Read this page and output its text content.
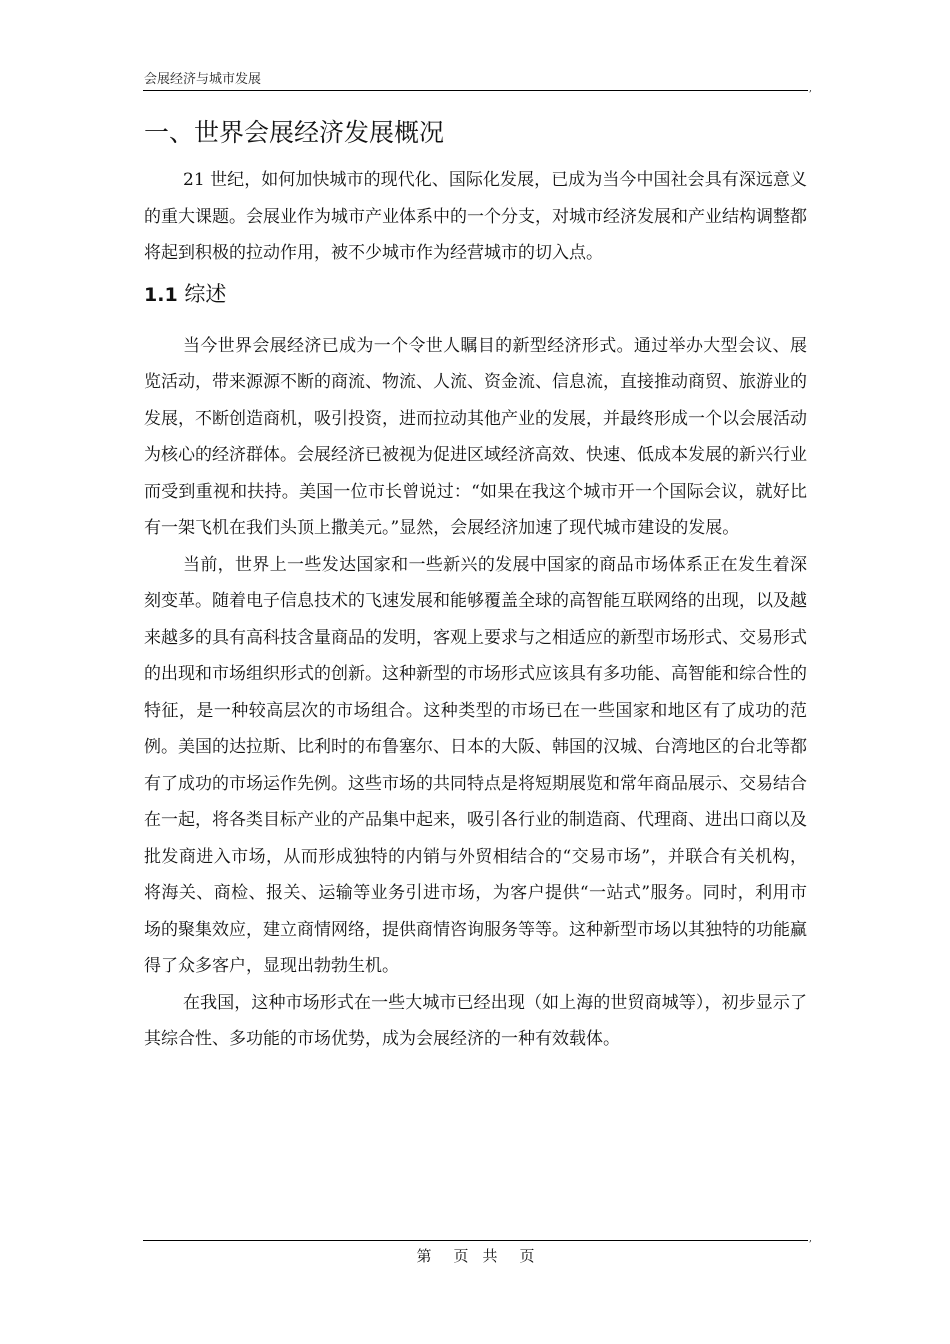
会展经济与城市发展
,
一、世界会展经济发展概况

21 世纪，如何加快城市的现代化、国际化发展，已成为当今中国社会具有深远意义的重大课题。会展业作为城市产业体系中的一个分支，对城市经济发展和产业结构调整都将起到积极的拉动作用，被不少城市作为经营城市的切入点。

1.1 综述

当今世界会展经济已成为一个令世人瞩目的新型经济形式。通过举办大型会议、展览活动，带来源源不断的商流、物流、人流、资金流、信息流，直接推动商贸、旅游业的发展，不断创造商机，吸引投资，进而拉动其他产业的发展，并最终形成一个以会展活动为核心的经济群体。会展经济已被视为促进区域经济高效、快速、低成本发展的新兴行业而受到重视和扶持。美国一位市长曾说过：“如果在我这个城市开一个国际会议，就好比有一架飞机在我们头顶上撒美元。”显然，会展经济加速了现代城市建设的发展。

当前，世界上一些发达国家和一些新兴的发展中国家的商品市场体系正在发生着深刻变革。随着电子信息技术的飞速发展和能够覆盖全球的高智能互联网络的出现，以及越来越多的具有高科技含量商品的发明，客观上要求与之相适应的新型市场形式、交易形式的出现和市场组织形式的创新。这种新型的市场形式应该具有多功能、高智能和综合性的特征，是一种较高层次的市场组合。这种类型的市场已在一些国家和地区有了成功的范例。美国的达拉斯、比利时的布鲁塞尔、日本的大阪、韩国的汉城、台湾地区的台北等都有了成功的市场运作先例。这些市场的共同特点是将短期展览和常年商品展示、交易结合在一起，将各类目标产业的产品集中起来，吸引各行业的制造商、代理商、进出口商以及批发商进入市场，从而形成独特的内销与外贸相结合的“交易市场”，并联合有关机构，将海关、商检、报关、运输等业务引进市场，为客户提供“一站式”服务。同时，利用市场的聚集效应，建立商情网络，提供商情咨询服务等等。这种新型市场以其独特的功能赢得了众多客户，显现出勃勃生机。

在我国，这种市场形式在一些大城市已经出现（如上海的世贸商城等），初步显示了其综合性、多功能的市场优势，成为会展经济的一种有效载体。

,
第 页 共 页
